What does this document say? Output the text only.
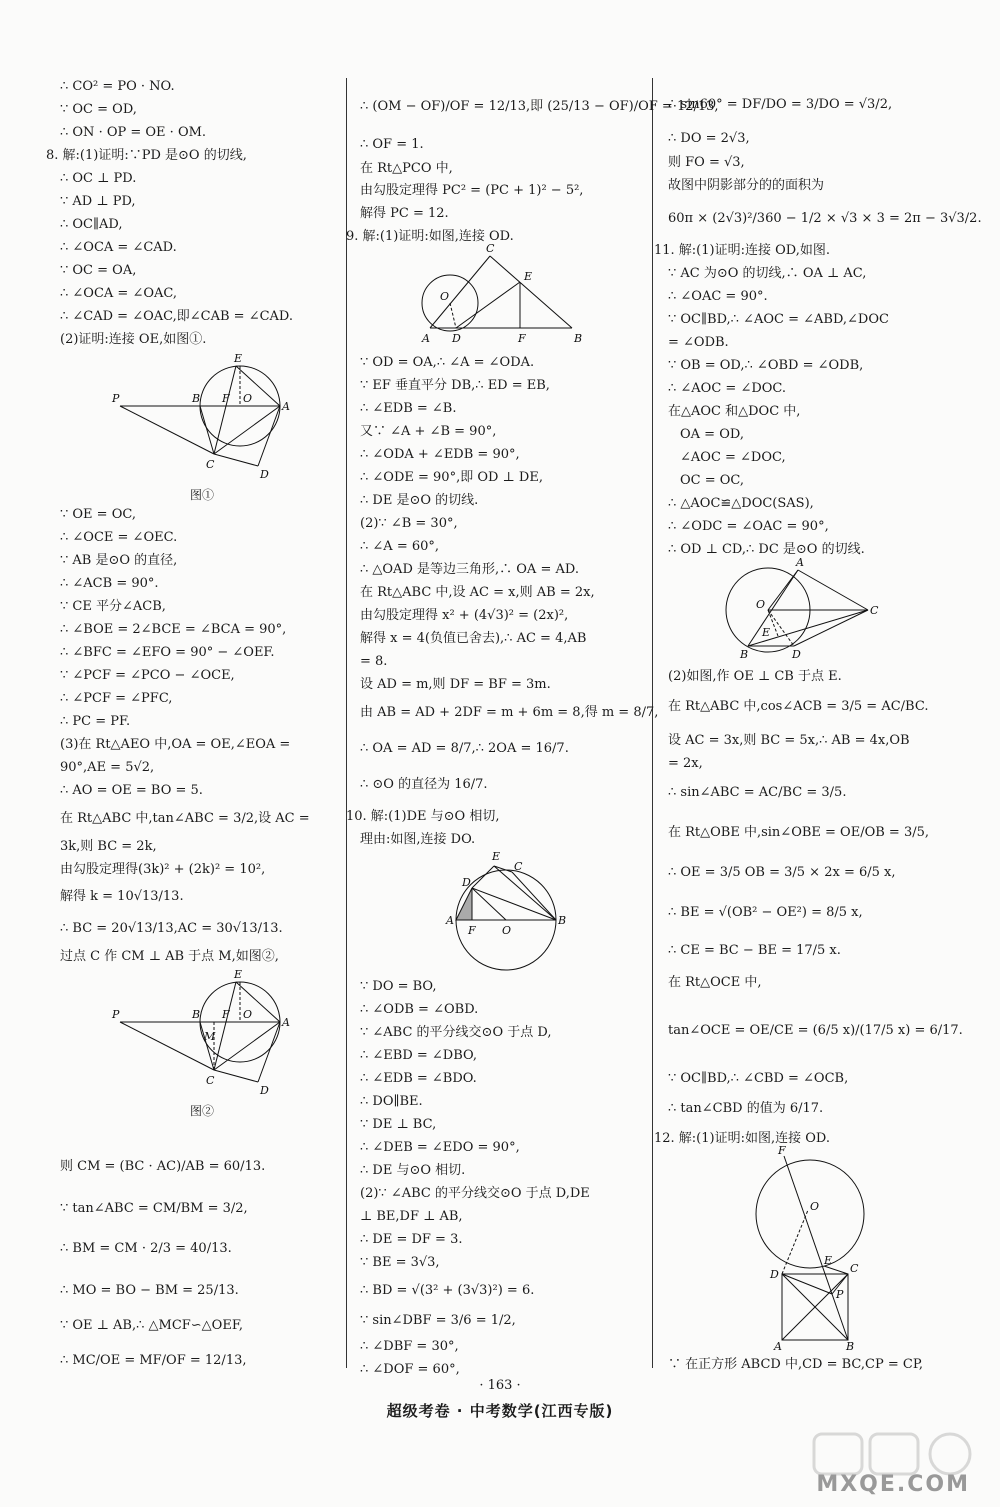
∴ CO² = PO · NO.
∵ OC = OD,
∴ ON · OP = OE · OM.
8. 解:(1)证明:∵PD 是⊙O 的切线,
∴ OC ⊥ PD.
∵ AD ⊥ PD,
∴ OC∥AD,
∴ ∠OCA = ∠CAD.
∵ OC = OA,
∴ ∠OCA = ∠OAC,
∴ ∠CAD = ∠OAC,即∠CAB = ∠CAD.
(2)证明:连接 OE,如图①.
P	B F O
A
E
C
D
图①
∵ OE = OC,
∴ ∠OCE = ∠OEC.
∵ AB 是⊙O 的直径,
∴ ∠ACB = 90°.
∵ CE 平分∠ACB,
∴ ∠BOE = 2∠BCE = ∠BCA = 90°,
∴ ∠BFC = ∠EFO = 90° − ∠OEF.
∵ ∠PCF = ∠PCO − ∠OCE,
∴ ∠PCF = ∠PFC,
∴ PC = PF.
(3)在 Rt△AEO 中,OA = OE,∠EOA =
90°,AE = 5√2,
∴ AO = OE = BO = 5.
在 Rt△ABC 中,tan∠ABC = 3/2,设 AC =
3k,则 BC = 2k,
由勾股定理得(3k)² + (2k)² = 10²,
解得 k = 10√13/13.
∴ BC = 20√13/13,AC = 30√13/13.
过点 C 作 CM ⊥ AB 于点 M,如图②,
P	B F O
A
E
M
C
D
图②
则 CM = (BC · AC)/AB = 60/13.
∵ tan∠ABC = CM/BM = 3/2,
∴ BM = CM · 2/3 = 40/13.
∴ MO = BO − BM = 25/13.
∵ OE ⊥ AB,∴ △MCF∽△OEF,
∴ MC/OE = MF/OF = 12/13,
∴ (OM − OF)/OF = 12/13,即 (25/13 − OF)/OF = 12/13,
∴ OF = 1.
在 Rt△PCO 中,
由勾股定理得 PC² = (PC + 1)² − 5²,
解得 PC = 12.
9. 解:(1)证明:如图,连接 OD.
C
E
O
A D	F	B
∵ OD = OA,∴ ∠A = ∠ODA.
∵ EF 垂直平分 DB,∴ ED = EB,
∴ ∠EDB = ∠B.
又∵ ∠A + ∠B = 90°,
∴ ∠ODA + ∠EDB = 90°,
∴ ∠ODE = 90°,即 OD ⊥ DE,
∴ DE 是⊙O 的切线.
(2)∵ ∠B = 30°,
∴ ∠A = 60°,
∴ △OAD 是等边三角形,∴ OA = AD.
在 Rt△ABC 中,设 AC = x,则 AB = 2x,
由勾股定理得 x² + (4√3)² = (2x)²,
解得 x = 4(负值已舍去),∴ AC = 4,AB
= 8.
设 AD = m,则 DF = BF = 3m.
由 AB = AD + 2DF = m + 6m = 8,得 m = 8/7,
∴ OA = AD = 8/7,∴ 2OA = 16/7.
∴ ⊙O 的直径为 16/7.
10. 解:(1)DE 与⊙O 相切,
理由:如图,连接 DO.
E
C
D
A
F O
B
∵ DO = BO,
∴ ∠ODB = ∠OBD.
∵ ∠ABC 的平分线交⊙O 于点 D,
∴ ∠EBD = ∠DBO,
∴ ∠EDB = ∠BDO.
∴ DO∥BE.
∵ DE ⊥ BC,
∴ ∠DEB = ∠EDO = 90°,
∴ DE 与⊙O 相切.
(2)∵ ∠ABC 的平分线交⊙O 于点 D,DE
⊥ BE,DF ⊥ AB,
∴ DE = DF = 3.
∵ BE = 3√3,
∴ BD = √(3² + (3√3)²) = 6.
∵ sin∠DBF = 3/6 = 1/2,
∴ ∠DBF = 30°,
∴ ∠DOF = 60°,
∴ sin60° = DF/DO = 3/DO = √3/2,
∴ DO = 2√3,
则 FO = √3,
故图中阴影部分的的面积为
60π × (2√3)²/360 − 1/2 × √3 × 3 = 2π − 3√3/2.
11. 解:(1)证明:连接 OD,如图.
∵ AC 为⊙O 的切线,∴ OA ⊥ AC,
∴ ∠OAC = 90°.
∵ OC∥BD,∴ ∠AOC = ∠ABD,∠DOC
= ∠ODB.
∵ OB = OD,∴ ∠OBD = ∠ODB,
∴ ∠AOC = ∠DOC.
在△AOC 和△DOC 中,
OA = OD,
∠AOC = ∠DOC,
OC = OC,
∴ △AOC≌△DOC(SAS),
∴ ∠ODC = ∠OAC = 90°,
∴ OD ⊥ CD,∴ DC 是⊙O 的切线.
A
O	C
E
B	D
(2)如图,作 OE ⊥ CB 于点 E.
在 Rt△ABC 中,cos∠ACB = 3/5 = AC/BC.
设 AC = 3x,则 BC = 5x,∴ AB = 4x,OB
= 2x,
∴ sin∠ABC = AC/BC = 3/5.
在 Rt△OBE 中,sin∠OBE = OE/OB = 3/5,
∴ OE = 3/5 OB = 3/5 × 2x = 6/5 x,
∴ BE = √(OB² − OE²) = 8/5 x,
∴ CE = BC − BE = 17/5 x.
在 Rt△OCE 中,
tan∠OCE = OE/CE = (6/5 x)/(17/5 x) = 6/17.
∵ OC∥BD,∴ ∠CBD = ∠OCB,
∴ tan∠CBD 的值为 6/17.
12. 解:(1)证明:如图,连接 OD.
F
O
E
C
D
P
A	B
∵ 在正方形 ABCD 中,CD = BC,CP = CP,
· 163 ·
超级考卷 · 中考数学(江西专版)
MXQE.COM
